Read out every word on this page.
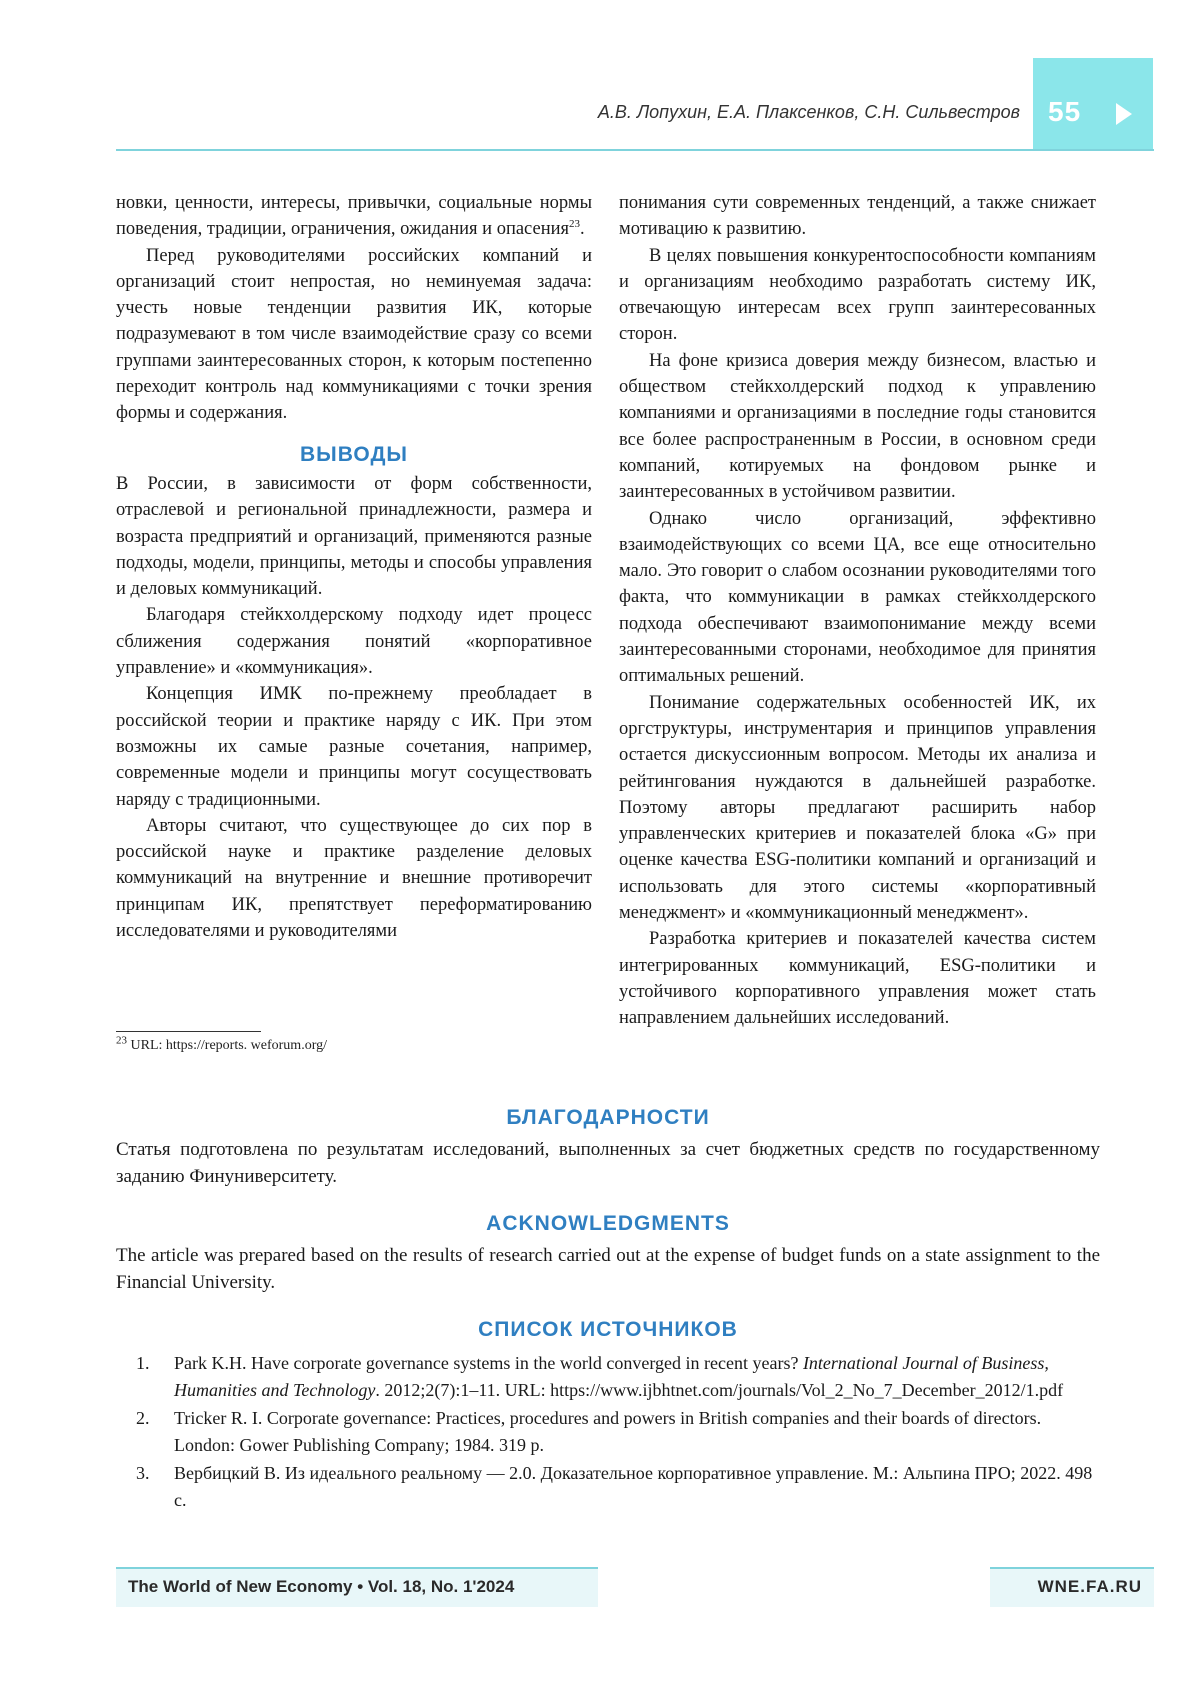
А.В. Лопухин, Е.А. Плаксенков, С.Н. Сильвестров 55

новки, ценности, интересы, привычки, социальные нормы поведения, традиции, ограничения, ожидания и опасения$^{23}$.

Перед руководителями российских компаний и организаций стоит непростая, но неминуемая задача: учесть новые тенденции развития ИК, которые подразумевают в том числе взаимодействие сразу со всеми группами заинтересованных сторон, к которым постепенно переходит контроль над коммуникациями с точки зрения формы и содержания.

ВЫВОДЫ

В России, в зависимости от форм собственности, отраслевой и региональной принадлежности, размера и возраста предприятий и организаций, применяются разные подходы, модели, принципы, методы и способы управления и деловых коммуникаций.

Благодаря стейкхолдерскому подходу идет процесс сближения содержания понятий «корпоративное управление» и «коммуникация».

Концепция ИМК по-прежнему преобладает в российской теории и практике наряду с ИК. При этом возможны их самые разные сочетания, например, современные модели и принципы могут сосуществовать наряду с традиционными.

Авторы считают, что существующее до сих пор в российской науке и практике разделение деловых коммуникаций на внутренние и внешние противоречит принципам ИК, препятствует переформатированию исследователями и руководителями

$^{23}$ URL: https://reports. weforum.org/

понимания сути современных тенденций, а также снижает мотивацию к развитию.

В целях повышения конкурентоспособности компаниям и организациям необходимо разработать систему ИК, отвечающую интересам всех групп заинтересованных сторон.

На фоне кризиса доверия между бизнесом, властью и обществом стейкхолдерский подход к управлению компаниями и организациями в последние годы становится все более распространенным в России, в основном среди компаний, котируемых на фондовом рынке и заинтересованных в устойчивом развитии.

Однако число организаций, эффективно взаимодействующих со всеми ЦА, все еще относительно мало. Это говорит о слабом осознании руководителями того факта, что коммуникации в рамках стейкхолдерского подхода обеспечивают взаимопонимание между всеми заинтересованными сторонами, необходимое для принятия оптимальных решений.

Понимание содержательных особенностей ИК, их оргструктуры, инструментария и принципов управления остается дискуссионным вопросом. Методы их анализа и рейтингования нуждаются в дальнейшей разработке. Поэтому авторы предлагают расширить набор управленческих критериев и показателей блока «G» при оценке качества ESG-политики компаний и организаций и использовать для этого системы «корпоративный менеджмент» и «коммуникационный менеджмент».

Разработка критериев и показателей качества систем интегрированных коммуникаций, ESG-политики и устойчивого корпоративного управления может стать направлением дальнейших исследований.

БЛАГОДАРНОСТИ

Статья подготовлена по результатам исследований, выполненных за счет бюджетных средств по государственному заданию Финуниверситету.

ACKNOWLEDGMENTS

The article was prepared based on the results of research carried out at the expense of budget funds on a state assignment to the Financial University.

СПИСОК ИСТОЧНИКОВ
1. Park K.H. Have corporate governance systems in the world converged in recent years? International Journal of Business, Humanities and Technology. 2012;2(7):1–11. URL: https://www.ijbhtnet.com/journals/Vol_2_No_7_December_2012/1.pdf
2. Tricker R. I. Corporate governance: Practices, procedures and powers in British companies and their boards of directors. London: Gower Publishing Company; 1984. 319 p.
3. Вербицкий В. Из идеального реальному — 2.0. Доказательное корпоративное управление. М.: Альпина ПРО; 2022. 498 с.
The World of New Economy • Vol. 18, No. 1'2024	WNE.FA.RU
